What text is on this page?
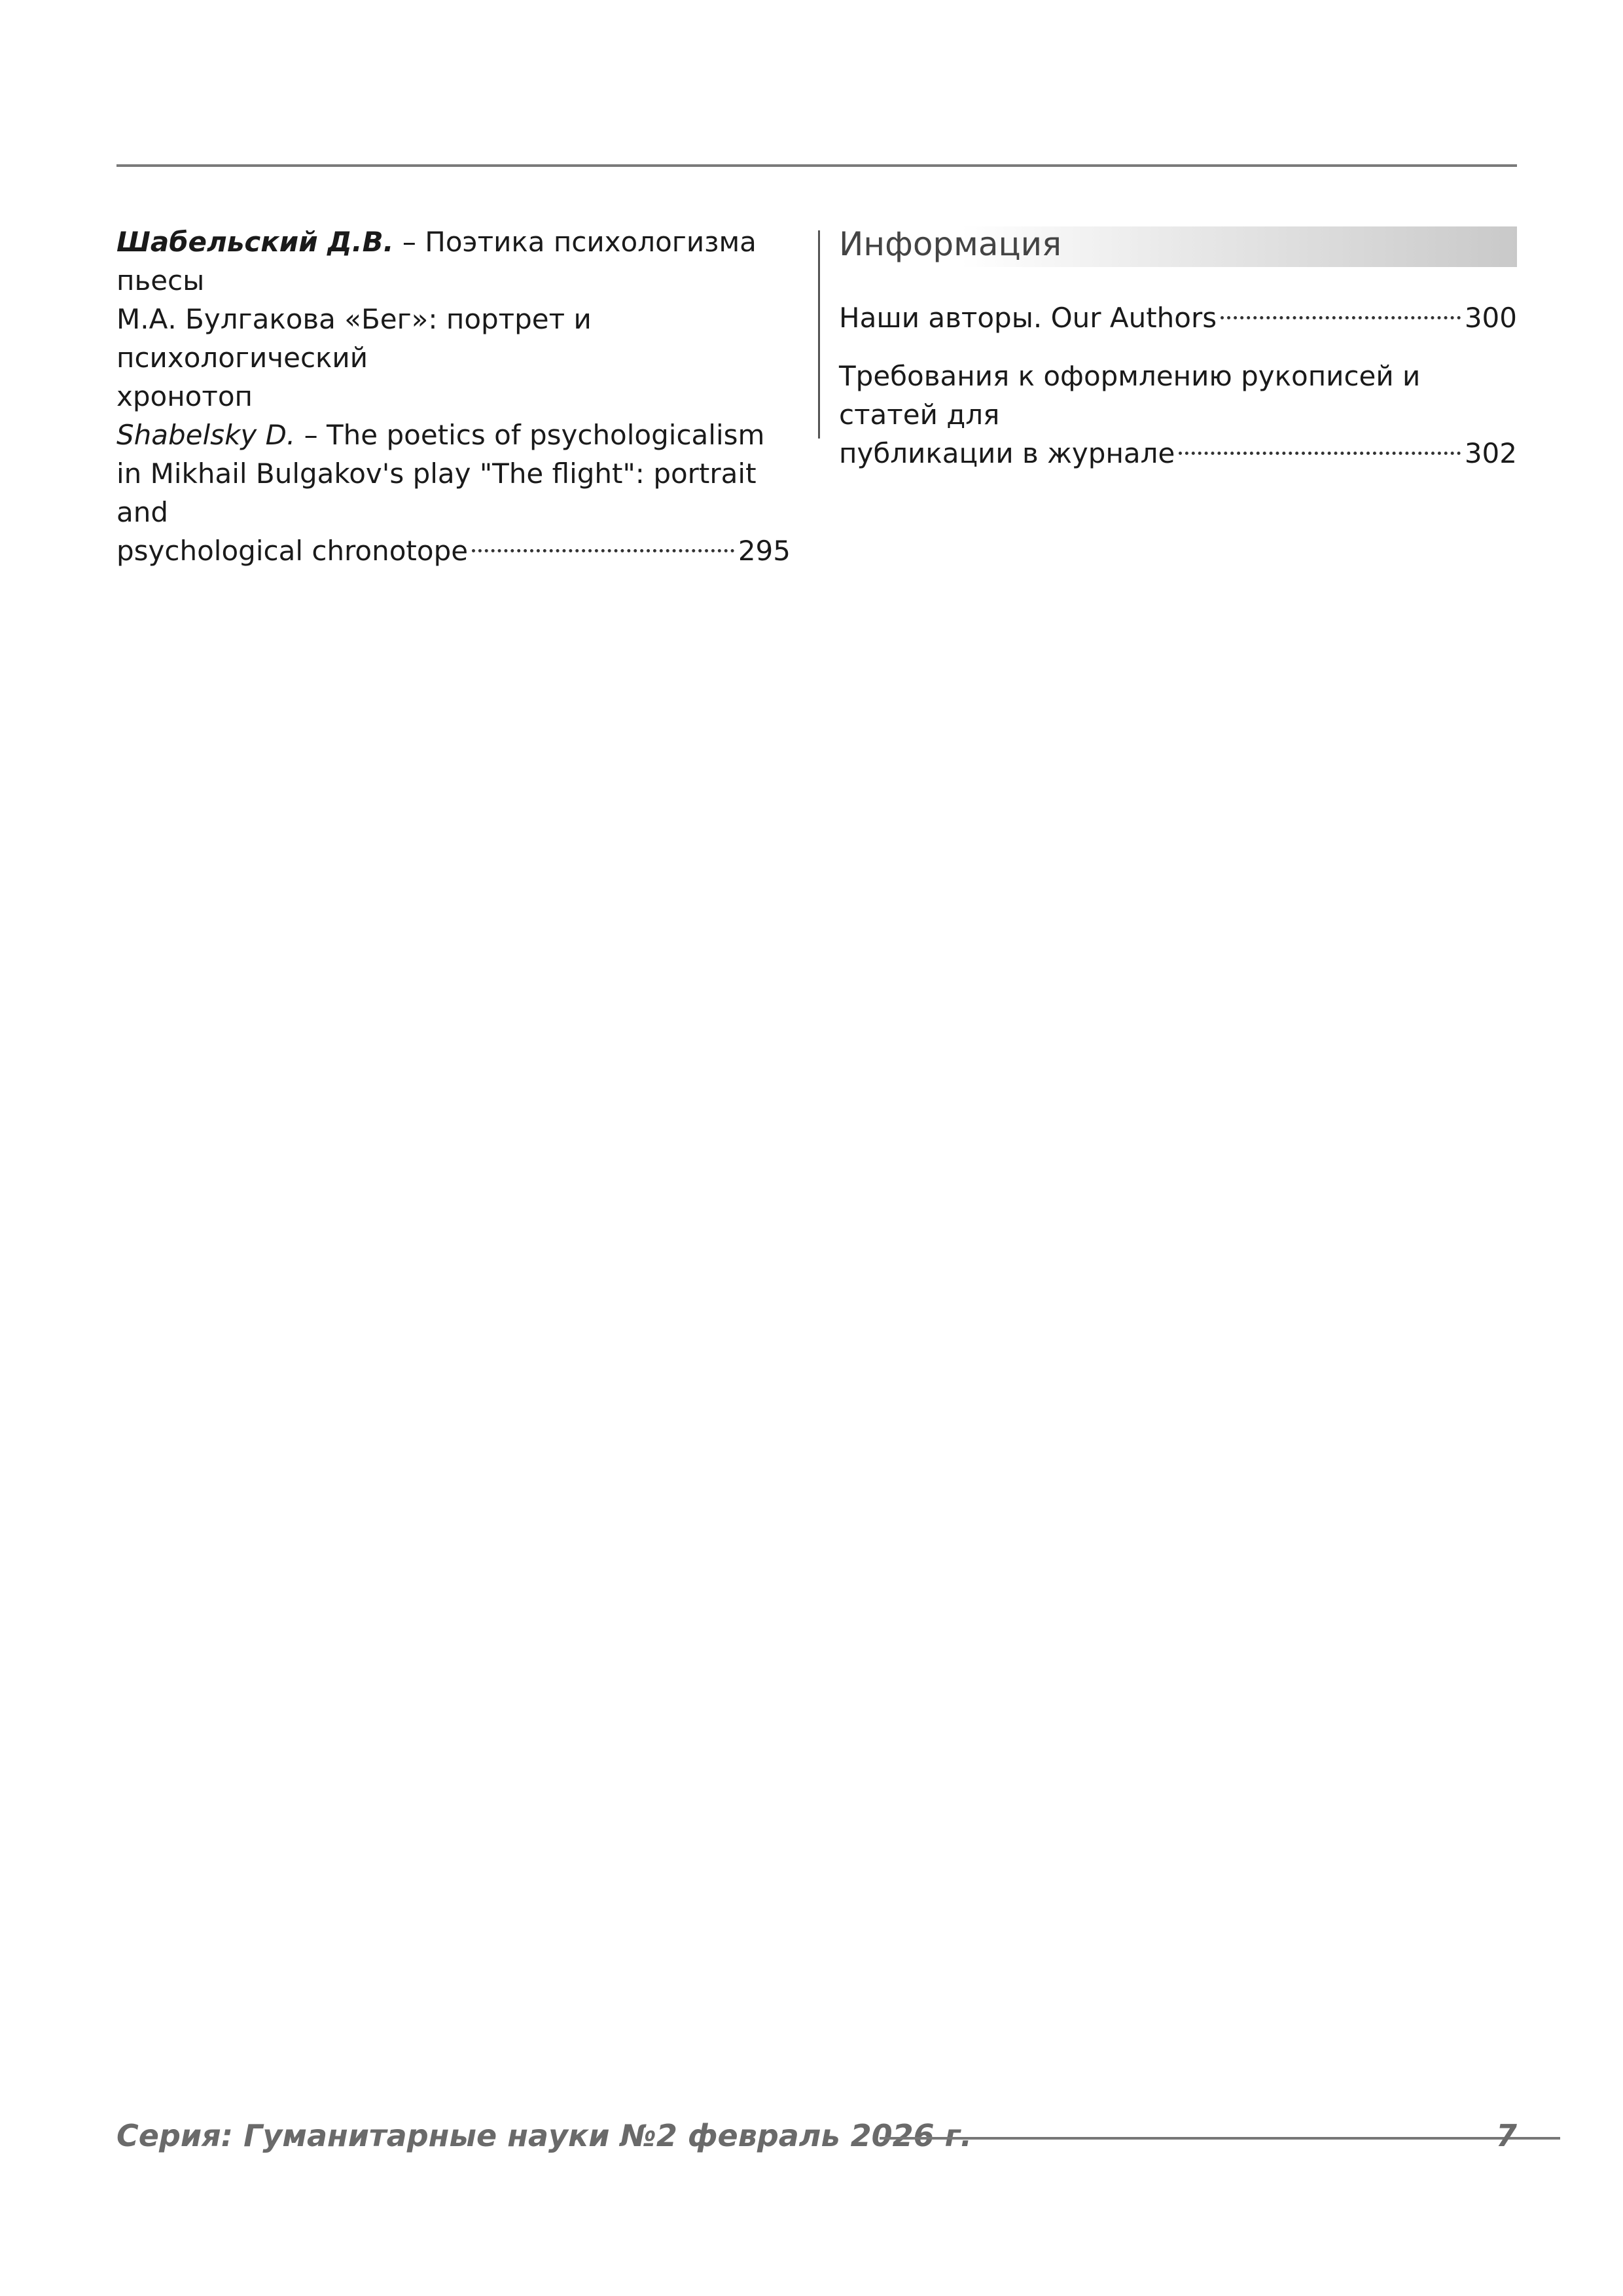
Шабельский Д.В. – Поэтика психологизма пьесы
М.А. Булгакова «Бег»: портрет и психологический
хронотоп
Shabelsky D. – The poetics of psychologicalism
in Mikhail Bulgakov's play "The flight": portrait and
psychological chronotope	295
Информация
Наши авторы. Our Authors	300
Требования к оформлению рукописей и статей для
публикации в журнале	302
Серия: Гуманитарные науки №2 февраль 2026 г.	7
